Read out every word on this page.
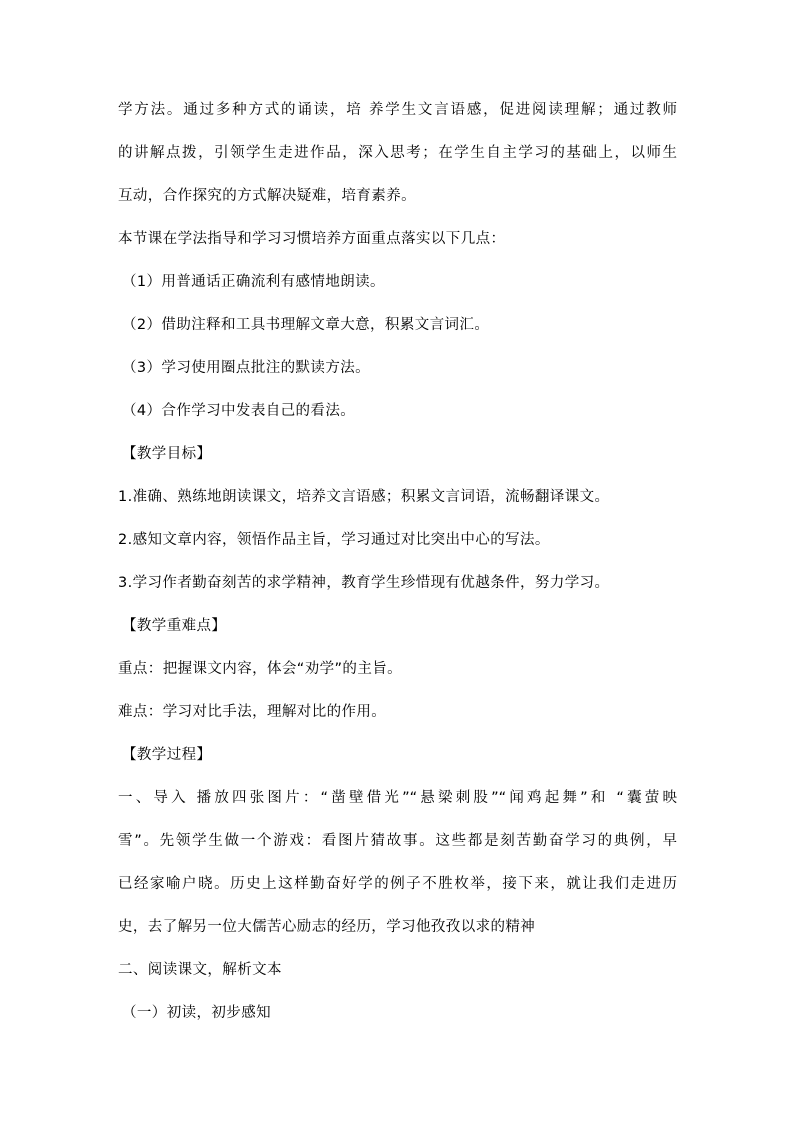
学方法。通过多种方式的诵读，培 养学生文言语感，促进阅读理解；通过教师
的讲解点拨，引领学生走进作品，深入思考；在学生自主学习的基础上，以师生
互动，合作探究的方式解决疑难，培育素养。
本节课在学法指导和学习习惯培养方面重点落实以下几点：
（1）用普通话正确流利有感情地朗读。
（2）借助注释和工具书理解文章大意，积累文言词汇。
（3）学习使用圈点批注的默读方法。
（4）合作学习中发表自己的看法。
【教学目标】
1.准确、熟练地朗读课文，培养文言语感；积累文言词语，流畅翻译课文。
2.感知文章内容，领悟作品主旨，学习通过对比突出中心的写法。
3.学习作者勤奋刻苦的求学精神，教育学生珍惜现有优越条件，努力学习。
【教学重难点】
重点：把握课文内容，体会“劝学”的主旨。
难点：学习对比手法，理解对比的作用。
【教学过程】
一、导入 播放四张图片：“凿壁借光”“悬梁刺股”“闻鸡起舞”和 “囊萤映
雪”。先领学生做一个游戏：看图片猜故事。这些都是刻苦勤奋学习的典例，早
已经家喻户晓。历史上这样勤奋好学的例子不胜枚举，接下来，就让我们走进历
史，去了解另一位大儒苦心励志的经历，学习他孜孜以求的精神
二、阅读课文，解析文本
（一）初读，初步感知
